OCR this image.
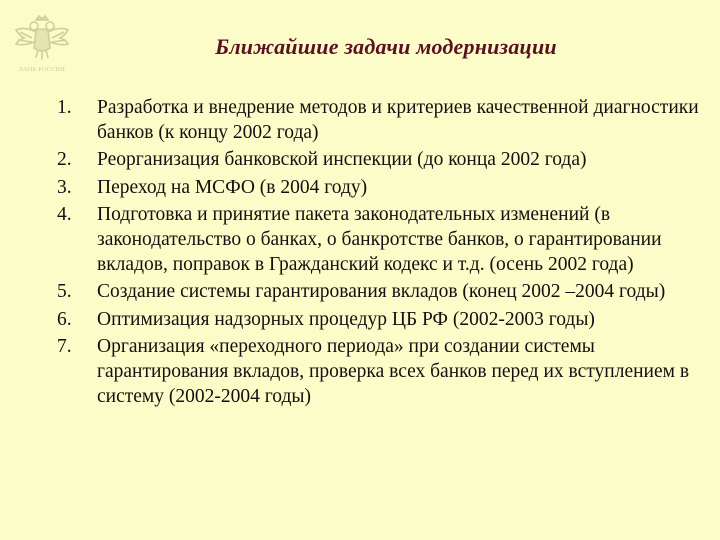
БАНК РОССИИ
Ближайшие задачи модернизации
1. Разработка и внедрение методов и критериев качественной диагностики банков (к концу 2002 года)
2. Реорганизация банковской инспекции (до конца 2002 года)
3. Переход на МСФО (в 2004 году)
4. Подготовка и принятие пакета законодательных изменений (в законодательство о банках, о банкротстве банков, о гарантировании вкладов, поправок в Гражданский кодекс и т.д. (осень 2002 года)
5. Создание системы гарантирования вкладов (конец 2002 –2004 годы)
6. Оптимизация надзорных процедур ЦБ РФ (2002-2003 годы)
7. Организация «переходного периода» при создании системы гарантирования вкладов, проверка всех банков перед их вступлением в систему (2002-2004 годы)
